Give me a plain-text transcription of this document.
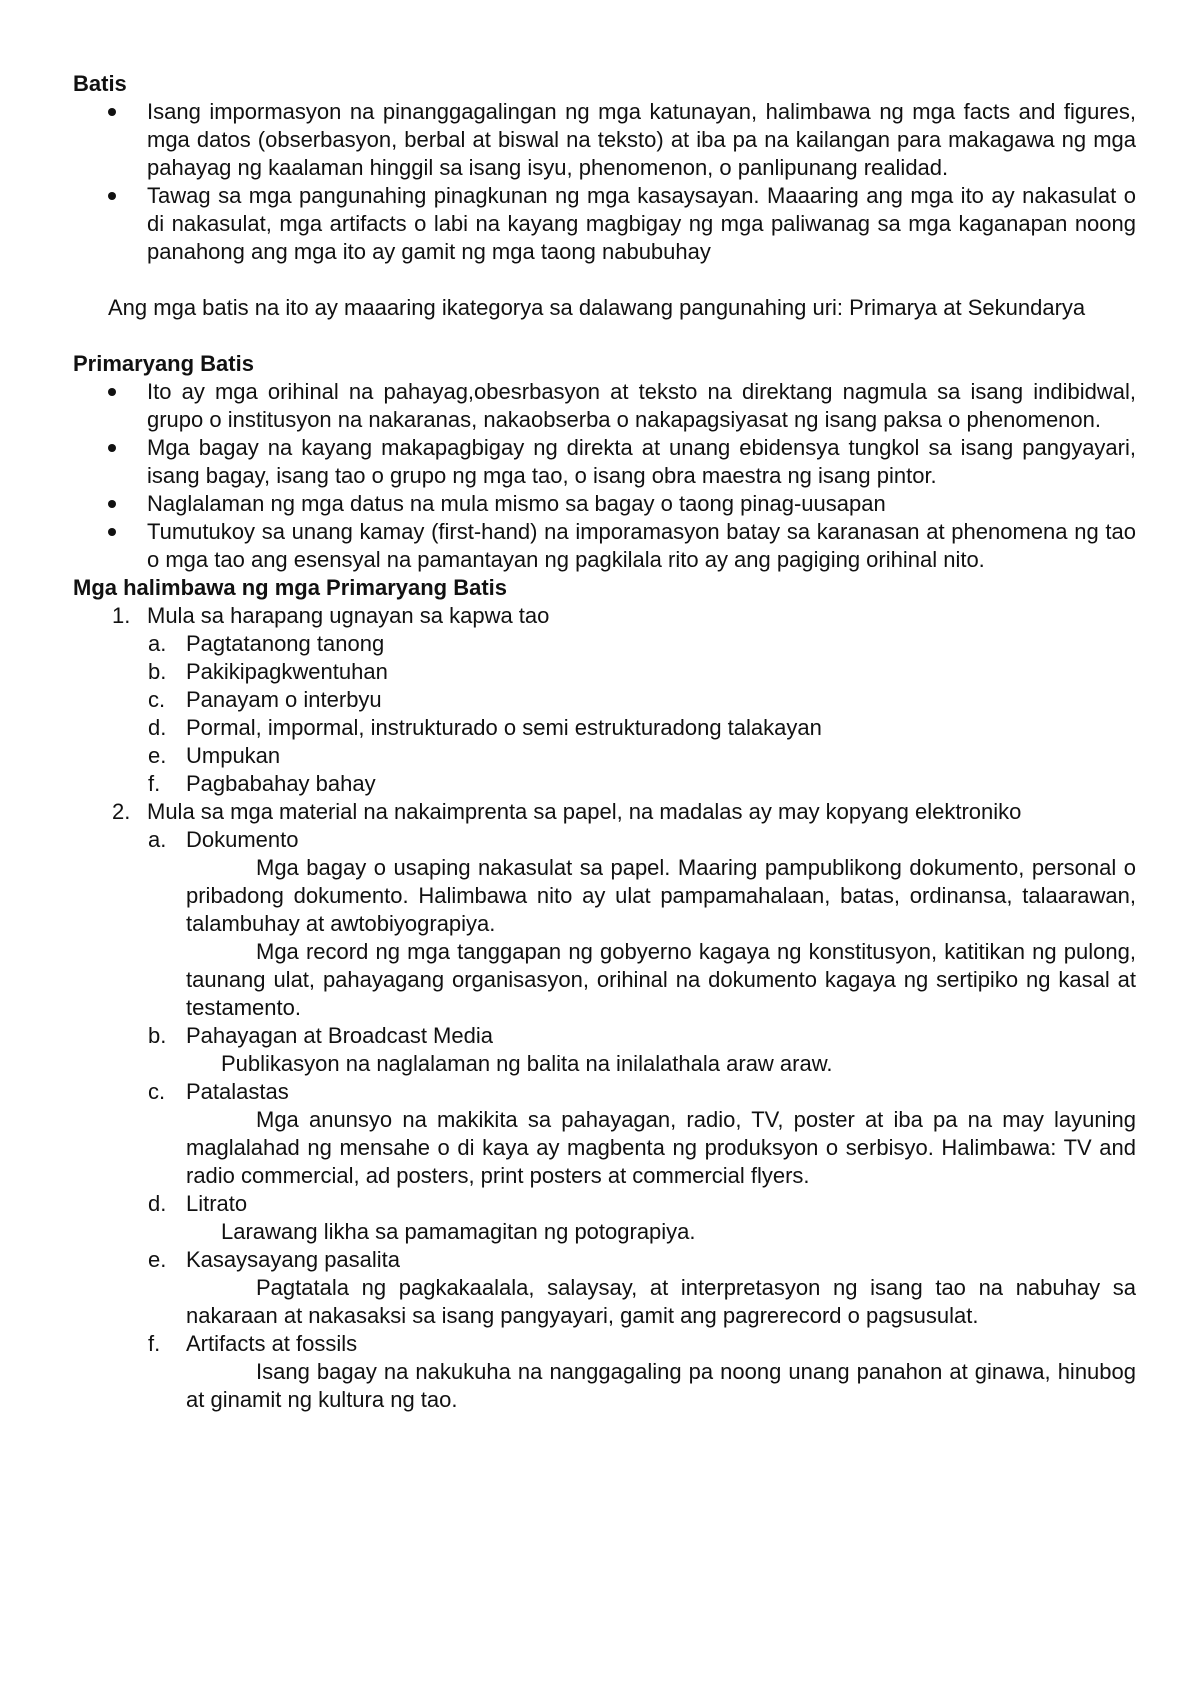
Batis

Isang impormasyon na pinanggagalingan ng mga katunayan, halimbawa ng mga facts and figures, mga datos (obserbasyon, berbal at biswal na teksto) at iba pa na kailangan para makagawa ng mga pahayag ng kaalaman hinggil sa isang isyu, phenomenon, o panlipunang realidad.
Tawag sa mga pangunahing pinagkunan ng mga kasaysayan. Maaaring ang mga ito ay nakasulat o di nakasulat, mga artifacts o labi na kayang magbigay ng mga paliwanag sa mga kaganapan noong panahong ang mga ito ay gamit ng mga taong nabubuhay

Ang mga batis na ito ay maaaring ikategorya sa dalawang pangunahing uri: Primarya at Sekundarya

Primaryang Batis

Ito ay mga orihinal na pahayag,obesrbasyon at teksto na direktang nagmula sa isang indibidwal, grupo o institusyon na nakaranas, nakaobserba o nakapagsiyasat ng isang paksa o phenomenon.
Mga bagay na kayang makapagbigay ng direkta at unang ebidensya tungkol sa isang pangyayari, isang bagay, isang tao o grupo ng mga tao, o isang obra maestra ng isang pintor.
Naglalaman ng mga datus na mula mismo sa bagay o taong pinag-uusapan
Tumutukoy sa unang kamay (first-hand) na imporamasyon batay sa karanasan at phenomena ng tao o mga tao ang esensyal na pamantayan ng pagkilala rito ay ang pagiging orihinal nito.

Mga halimbawa ng mga Primaryang Batis

1. Mula sa harapang ugnayan sa kapwa tao
a. Pagtatanong tanong
b. Pakikipagkwentuhan
c. Panayam o interbyu
d. Pormal, impormal, instrukturado o semi estrukturadong talakayan
e. Umpukan
f. Pagbabahay bahay
2. Mula sa mga material na nakaimprenta sa papel, na madalas ay may kopyang elektroniko
a. Dokumento

Mga bagay o usaping nakasulat sa papel. Maaring pampublikong dokumento, personal o pribadong dokumento. Halimbawa nito ay ulat pampamahalaan, batas, ordinansa, talaarawan, talambuhay at awtobiyograpiya.

Mga record ng mga tanggapan ng gobyerno kagaya ng konstitusyon, katitikan ng pulong, taunang ulat, pahayagang organisasyon, orihinal na dokumento kagaya ng sertipiko ng kasal at testamento.

b. Pahayagan at Broadcast Media

Publikasyon na naglalaman ng balita na inilalathala araw araw.

c. Patalastas

Mga anunsyo na makikita sa pahayagan, radio, TV, poster at iba pa na may layuning maglalahad ng mensahe o di kaya ay magbenta ng produksyon o serbisyo. Halimbawa: TV and radio commercial, ad posters, print posters at commercial flyers.

d. Litrato

Larawang likha sa pamamagitan ng potograpiya.

e. Kasaysayang pasalita

Pagtatala ng pagkakaalala, salaysay, at interpretasyon ng isang tao na nabuhay sa nakaraan at nakasaksi sa isang pangyayari, gamit ang pagrerecord o pagsusulat.

f. Artifacts at fossils

Isang bagay na nakukuha na nanggagaling pa noong unang panahon at ginawa, hinubog at ginamit ng kultura ng tao.
